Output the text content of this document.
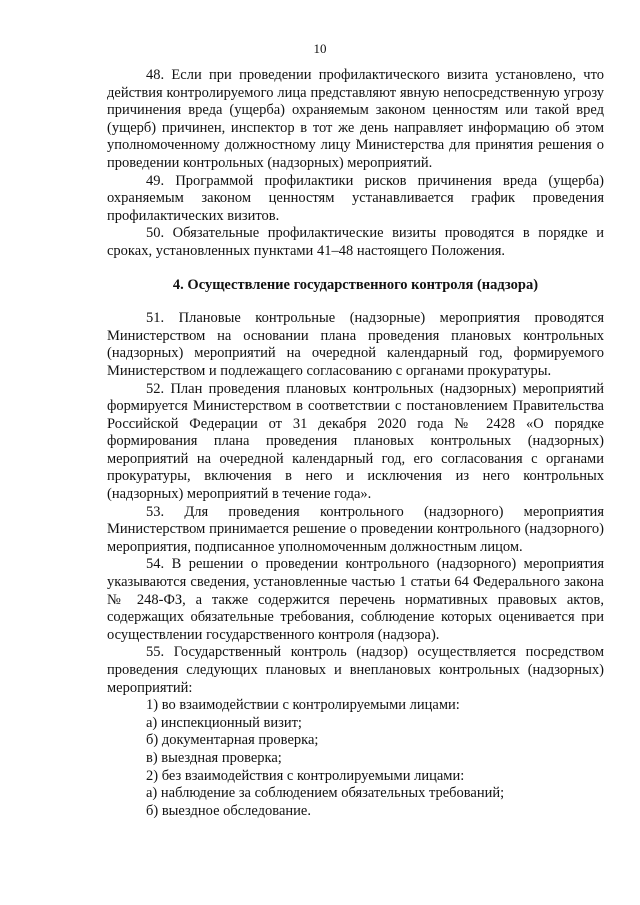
10

48. Если при проведении профилактического визита установлено, что действия контролируемого лица представляют явную непосредственную угрозу причинения вреда (ущерба) охраняемым законом ценностям или такой вред (ущерб) причинен, инспектор в тот же день направляет информацию об этом уполномоченному должностному лицу Министерства для принятия решения о проведении контрольных (надзорных) мероприятий.

49. Программой профилактики рисков причинения вреда (ущерба) охраняемым законом ценностям устанавливается график проведения профилактических визитов.

50. Обязательные профилактические визиты проводятся в порядке и сроках, установленных пунктами 41–48 настоящего Положения.

4. Осуществление государственного контроля (надзора)

51. Плановые контрольные (надзорные) мероприятия проводятся Министерством на основании плана проведения плановых контрольных (надзорных) мероприятий на очередной календарный год, формируемого Министерством и подлежащего согласованию с органами прокуратуры.

52. План проведения плановых контрольных (надзорных) мероприятий формируется Министерством в соответствии с постановлением Правительства Российской Федерации от 31 декабря 2020 года № 2428 «О порядке формирования плана проведения плановых контрольных (надзорных) мероприятий на очередной календарный год, его согласования с органами прокуратуры, включения в него и исключения из него контрольных (надзорных) мероприятий в течение года».

53. Для проведения контрольного (надзорного) мероприятия Министерством принимается решение о проведении контрольного (надзорного) мероприятия, подписанное уполномоченным должностным лицом.

54. В решении о проведении контрольного (надзорного) мероприятия указываются сведения, установленные частью 1 статьи 64 Федерального закона № 248-ФЗ, а также содержится перечень нормативных правовых актов, содержащих обязательные требования, соблюдение которых оценивается при осуществлении государственного контроля (надзора).

55. Государственный контроль (надзор) осуществляется посредством проведения следующих плановых и внеплановых контрольных (надзорных) мероприятий:

1) во взаимодействии с контролируемыми лицами:

а) инспекционный визит;

б) документарная проверка;

в) выездная проверка;

2) без взаимодействия с контролируемыми лицами:

а) наблюдение за соблюдением обязательных требований;

б) выездное обследование.
